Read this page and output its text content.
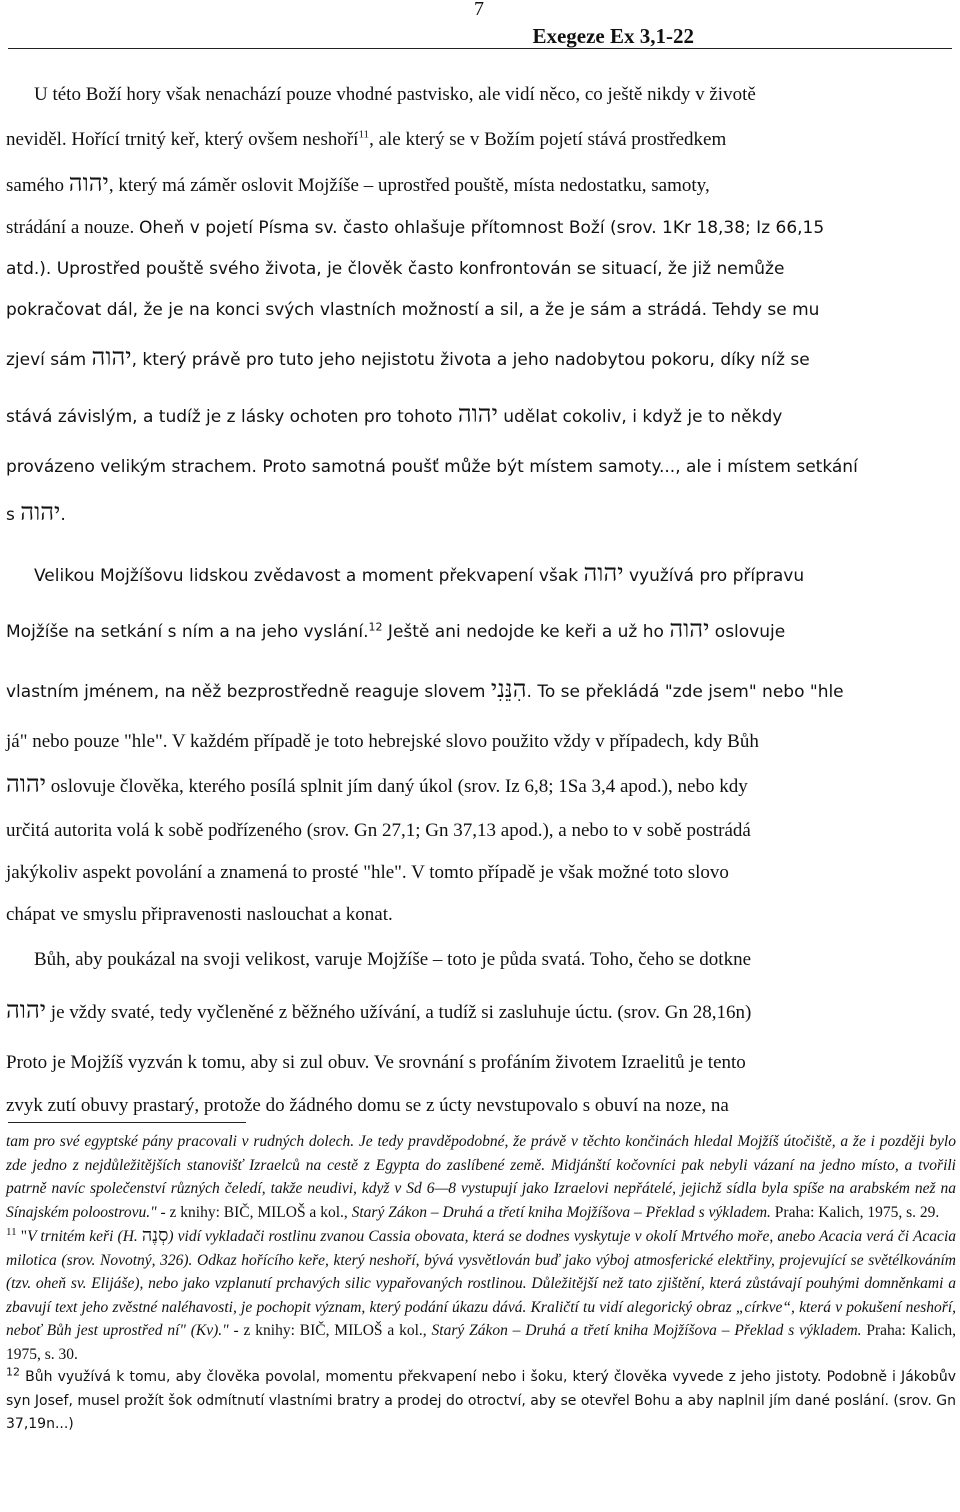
7
Exegeze Ex 3,1-22

U této Boží hory však nenachází pouze vhodné pastvisko, ale vidí něco, co ještě nikdy v životě

neviděl. Hořící trnitý keř, který ovšem neshoří$^{11}$, ale který se v Božím pojetí stává prostředkem

samého יהוה, který má záměr oslovit Mojžíše – uprostřed pouště, místa nedostatku, samoty,

strádání a nouze. Oheň v pojetí Písma sv. často ohlašuje přítomnost Boží (srov. 1Kr 18,38; Iz 66,15

atd.). Uprostřed pouště svého života, je člověk často konfrontován se situací, že již nemůže

pokračovat dál, že je na konci svých vlastních možností a sil, a že je sám a strádá. Tehdy se mu

zjeví sám יהוה, který právě pro tuto jeho nejistotu života a jeho nadobytou pokoru, díky níž se

stává závislým, a tudíž je z lásky ochoten pro tohoto יהוה udělat cokoliv, i když je to někdy

provázeno velikým strachem. Proto samotná poušť může být místem samoty..., ale i místem setkání

s יהוה.

Velikou Mojžíšovu lidskou zvědavost a moment překvapení však יהוה využívá pro přípravu

Mojžíše na setkání s ním a na jeho vyslání.$^{12}$ Ještě ani nedojde ke keři a už ho יהוה oslovuje

vlastním jménem, na něž bezprostředně reaguje slovem הִנֵּנִי. To se překládá "zde jsem" nebo "hle

já" nebo pouze "hle". V každém případě je toto hebrejské slovo použito vždy v případech, kdy Bůh

יהוה oslovuje člověka, kterého posílá splnit jím daný úkol (srov. Iz 6,8; 1Sa 3,4 apod.), nebo kdy

určitá autorita volá k sobě podřízeného (srov. Gn 27,1; Gn 37,13 apod.), a nebo to v sobě postrádá

jakýkoliv aspekt povolání a znamená to prosté "hle". V tomto případě je však možné toto slovo

chápat ve smyslu připravenosti naslouchat a konat.

Bůh, aby poukázal na svoji velikost, varuje Mojžíše – toto je půda svatá. Toho, čeho se dotkne

יהוה je vždy svaté, tedy vyčleněné z běžného užívání, a tudíž si zasluhuje úctu. (srov. Gn 28,16n)

Proto je Mojžíš vyzván k tomu, aby si zul obuv. Ve srovnání s profáním životem Izraelitů je tento

zvyk zutí obuvy prastarý, protože do žádného domu se z úcty nevstupovalo s obuví na noze, na

tam pro své egyptské pány pracovali v rudných dolech. Je tedy pravděpodobné, že právě v těchto končinách hledal Mojžíš útočiště, a že i později bylo zde jedno z nejdůležitějších stanovišť Izraelců na cestě z Egypta do zaslíbené země. Midjánští kočovníci pak nebyli vázaní na jedno místo, a tvořili patrně navíc společenství různých čeledí, takže neudivi, když v Sd 6—8 vystupují jako Izraelovi nepřátelé, jejichž sídla byla spíše na arabském než na Sínajském poloostrovu." - z knihy: BIČ, MILOŠ a kol., Starý Zákon – Druhá a třetí kniha Mojžíšova – Překlad s výkladem. Praha: Kalich, 1975, s. 29.

$^{11}$ "V trnitém keři (H. סְנֶה) vidí vykladači rostlinu zvanou Cassia obovata, která se dodnes vyskytuje v okolí Mrtvého moře, anebo Acacia verá či Acacia milotica (srov. Novotný, 326). Odkaz hořícího keře, který neshoří, bývá vysvětlován buď jako výboj atmosferické elektřiny, projevující se světélkováním (tzv. oheň sv. Elijáše), nebo jako vzplanutí prchavých silic vypařovaných rostlinou. Důležitější než tato zjištění, která zůstávají pouhými domněnkami a zbavují text jeho zvěstné naléhavosti, je pochopit význam, který podání úkazu dává. Kraličtí tu vidí alegorický obraz „církve“, která v pokušení neshoří, neboť Bůh jest uprostřed ní" (Kv)." - z knihy: BIČ, MILOŠ a kol., Starý Zákon – Druhá a třetí kniha Mojžíšova – Překlad s výkladem. Praha: Kalich, 1975, s. 30.

$^{12}$ Bůh využívá k tomu, aby člověka povolal, momentu překvapení nebo i šoku, který člověka vyvede z jeho jistoty. Podobně i Jákobův syn Josef, musel prožít šok odmítnutí vlastními bratry a prodej do otroctví, aby se otevřel Bohu a aby naplnil jím dané poslání. (srov. Gn 37,19n...)
